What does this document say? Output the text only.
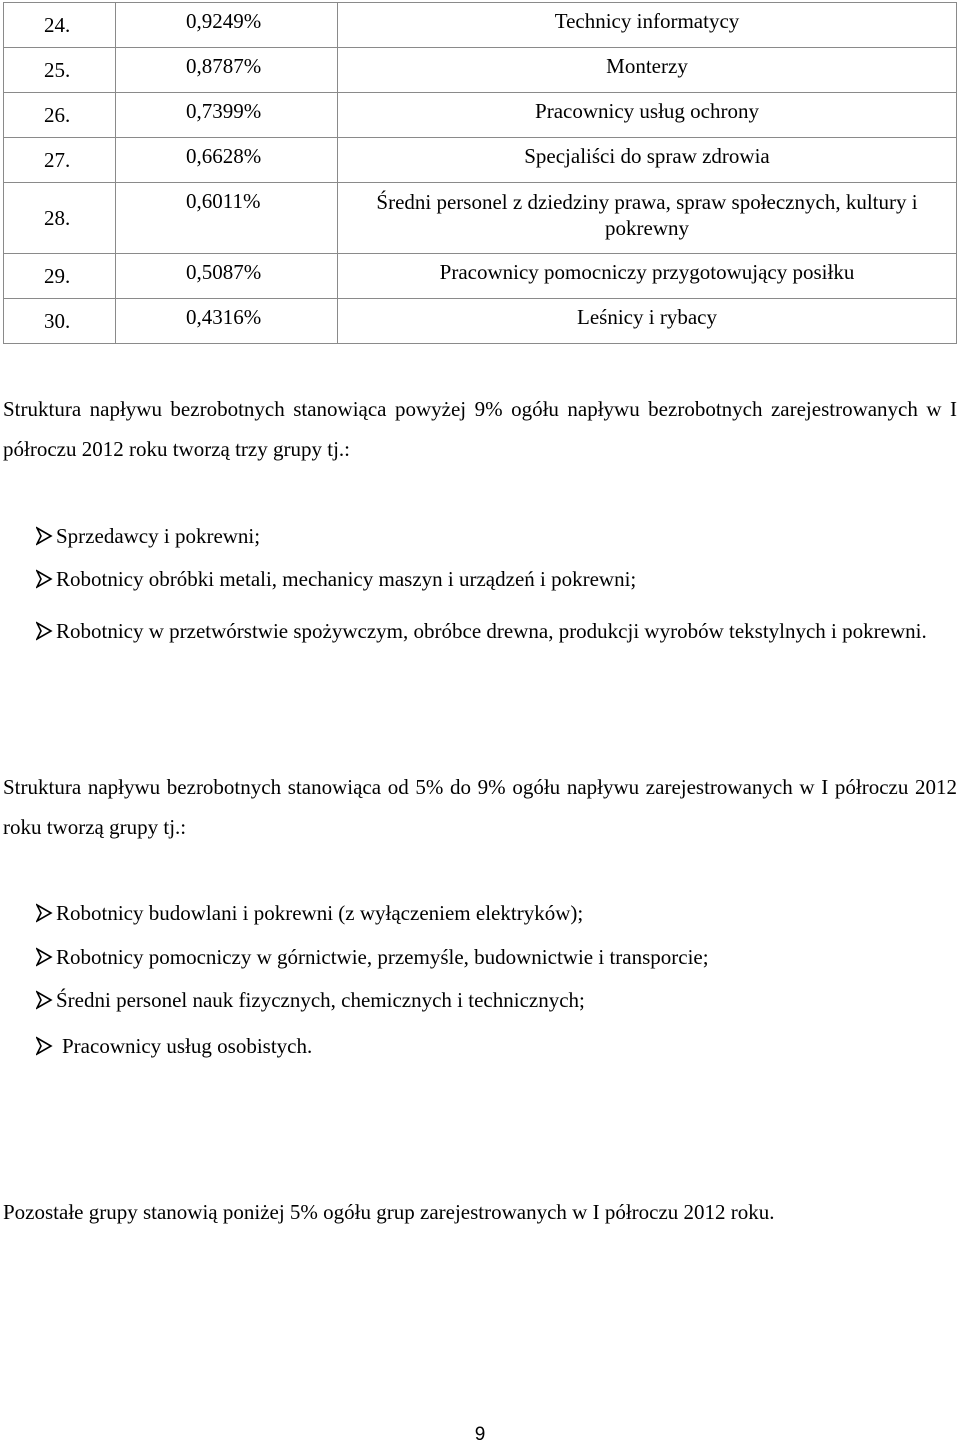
24.	0,9249%	Technicy informatycy
25.	0,8787%	Monterzy
26.	0,7399%	Pracownicy usług ochrony
27.	0,6628%	Specjaliści do spraw zdrowia
28.	0,6011%	Średni personel z dziedziny prawa, spraw społecznych, kultury i pokrewny
29.	0,5087%	Pracownicy pomocniczy przygotowujący posiłku
30.	0,4316%	Leśnicy i rybacy
Struktura napływu bezrobotnych stanowiąca powyżej 9% ogółu napływu bezrobotnych zarejestrowanych w I półroczu 2012 roku tworzą trzy grupy tj.:
Sprzedawcy i pokrewni;
Robotnicy obróbki metali, mechanicy maszyn i urządzeń i pokrewni;
Robotnicy w przetwórstwie spożywczym, obróbce drewna, produkcji wyrobów tekstylnych i pokrewni.
Struktura napływu bezrobotnych stanowiąca od 5% do 9% ogółu napływu zarejestrowanych w I półroczu 2012 roku tworzą grupy tj.:
Robotnicy budowlani i pokrewni (z wyłączeniem elektryków);
Robotnicy pomocniczy w górnictwie, przemyśle, budownictwie i transporcie;
Średni personel nauk fizycznych, chemicznych i technicznych;
Pracownicy usług osobistych.
Pozostałe grupy stanowią poniżej 5% ogółu grup zarejestrowanych w I półroczu 2012 roku.
9
